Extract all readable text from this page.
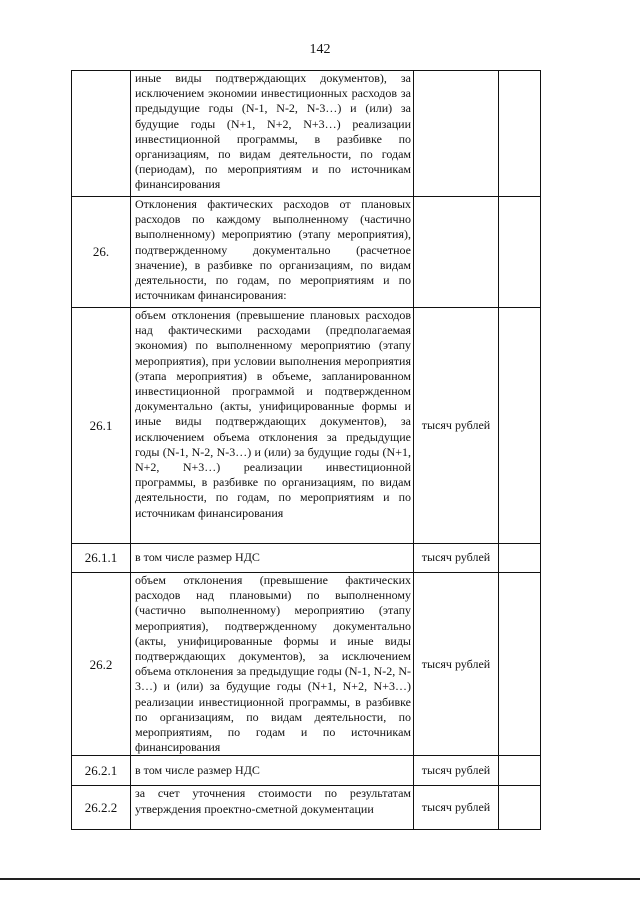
142
	иные виды подтверждающих документов), за исключением экономии инвестиционных расходов за предыдущие годы (N-1, N-2, N-3…) и (или) за будущие годы (N+1, N+2, N+3…) реализации инвестиционной программы, в разбивке по организациям, по видам деятельности, по годам (периодам), по мероприятиям и по источникам финансирования		
26.	Отклонения фактических расходов от плановых расходов по каждому выполненному (частично выполненному) мероприятию (этапу мероприятия), подтвержденному документально (расчетное значение), в разбивке по организациям, по видам деятельности, по годам, по мероприятиям и по источникам финансирования:		
26.1	объем отклонения (превышение плановых расходов над фактическими расходами (предполагаемая экономия) по выполненному мероприятию (этапу мероприятия), при условии выполнения мероприятия (этапа мероприятия) в объеме, запланированном инвестиционной программой и подтвержденном документально (акты, унифицированные формы и иные виды подтверждающих документов), за исключением объема отклонения за предыдущие годы (N-1, N-2, N-3…) и (или) за будущие годы (N+1, N+2, N+3…) реализации инвестиционной программы, в разбивке по организациям, по видам деятельности, по годам, по мероприятиям и по источникам финансирования	тысяч рублей	
26.1.1	в том числе размер НДС	тысяч рублей	
26.2	объем отклонения (превышение фактических расходов над плановыми) по выполненному (частично выполненному) мероприятию (этапу мероприятия), подтвержденному документально (акты, унифицированные формы и иные виды подтверждающих документов), за исключением объема отклонения за предыдущие годы (N-1, N-2, N-3…) и (или) за будущие годы (N+1, N+2, N+3…) реализации инвестиционной программы, в разбивке по организациям, по видам деятельности, по мероприятиям, по годам и по источникам финансирования	тысяч рублей	
26.2.1	в том числе размер НДС	тысяч рублей	
26.2.2	за счет уточнения стоимости по результатам утверждения проектно-сметной документации	тысяч рублей	
